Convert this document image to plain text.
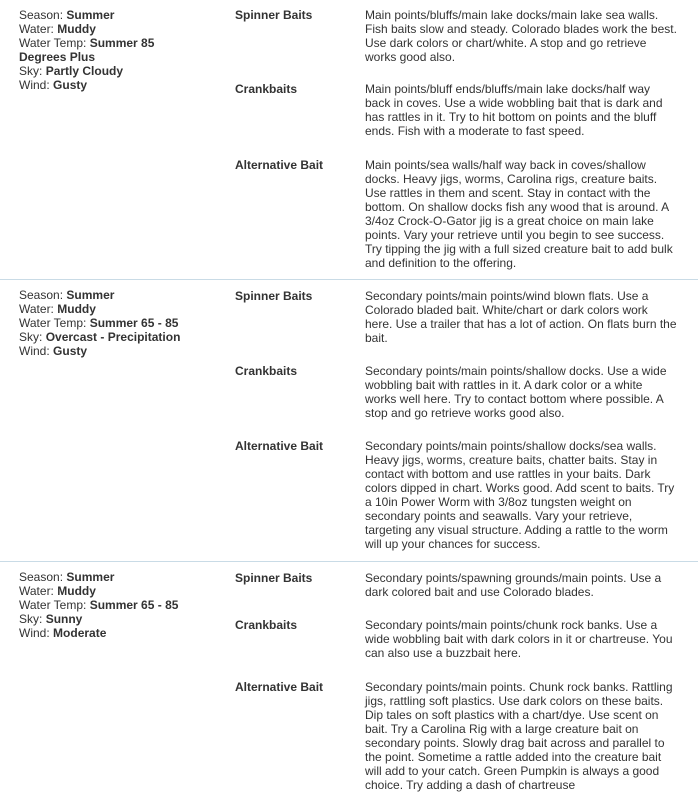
Season: Summer
Water: Muddy
Water Temp: Summer 85 Degrees Plus
Sky: Partly Cloudy
Wind: Gusty
Spinner Baits	Main points/bluffs/main lake docks/main lake sea walls. Fish baits slow and steady. Colorado blades work the best. Use dark colors or chart/white. A stop and go retrieve works good also.
Crankbaits	Main points/bluff ends/bluffs/main lake docks/half way back in coves. Use a wide wobbling bait that is dark and has rattles in it. Try to hit bottom on points and the bluff ends. Fish with a moderate to fast speed.
Alternative Bait	Main points/sea walls/half way back in coves/shallow docks. Heavy jigs, worms, Carolina rigs, creature baits. Use rattles in them and scent. Stay in contact with the bottom. On shallow docks fish any wood that is around. A 3/4oz Crock-O-Gator jig is a great choice on main lake points. Vary your retrieve until you begin to see success. Try tipping the jig with a full sized creature bait to add bulk and definition to the offering.
Season: Summer
Water: Muddy
Water Temp: Summer 65 - 85
Sky: Overcast - Precipitation
Wind: Gusty
Spinner Baits	Secondary points/main points/wind blown flats. Use a Colorado bladed bait. White/chart or dark colors work here. Use a trailer that has a lot of action. On flats burn the bait.
Crankbaits	Secondary points/main points/shallow docks. Use a wide wobbling bait with rattles in it. A dark color or a white works well here. Try to contact bottom where possible. A stop and go retrieve works good also.
Alternative Bait	Secondary points/main points/shallow docks/sea walls. Heavy jigs, worms, creature baits, chatter baits. Stay in contact with bottom and use rattles in your baits. Dark colors dipped in chart. Works good. Add scent to baits. Try a 10in Power Worm with 3/8oz tungsten weight on secondary points and seawalls. Vary your retrieve, targeting any visual structure. Adding a rattle to the worm will up your chances for success.
Season: Summer
Water: Muddy
Water Temp: Summer 65 - 85
Sky: Sunny
Wind: Moderate
Spinner Baits	Secondary points/spawning grounds/main points. Use a dark colored bait and use Colorado blades.
Crankbaits	Secondary points/main points/chunk rock banks. Use a wide wobbling bait with dark colors in it or chartreuse. You can also use a buzzbait here.
Alternative Bait	Secondary points/main points. Chunk rock banks. Rattling jigs, rattling soft plastics. Use dark colors on these baits. Dip tales on soft plastics with a chart/dye. Use scent on bait. Try a Carolina Rig with a large creature bait on secondary points. Slowly drag bait across and parallel to the point. Sometime a rattle added into the creature bait will add to your catch. Green Pumpkin is always a good choice. Try adding a dash of chartreuse
